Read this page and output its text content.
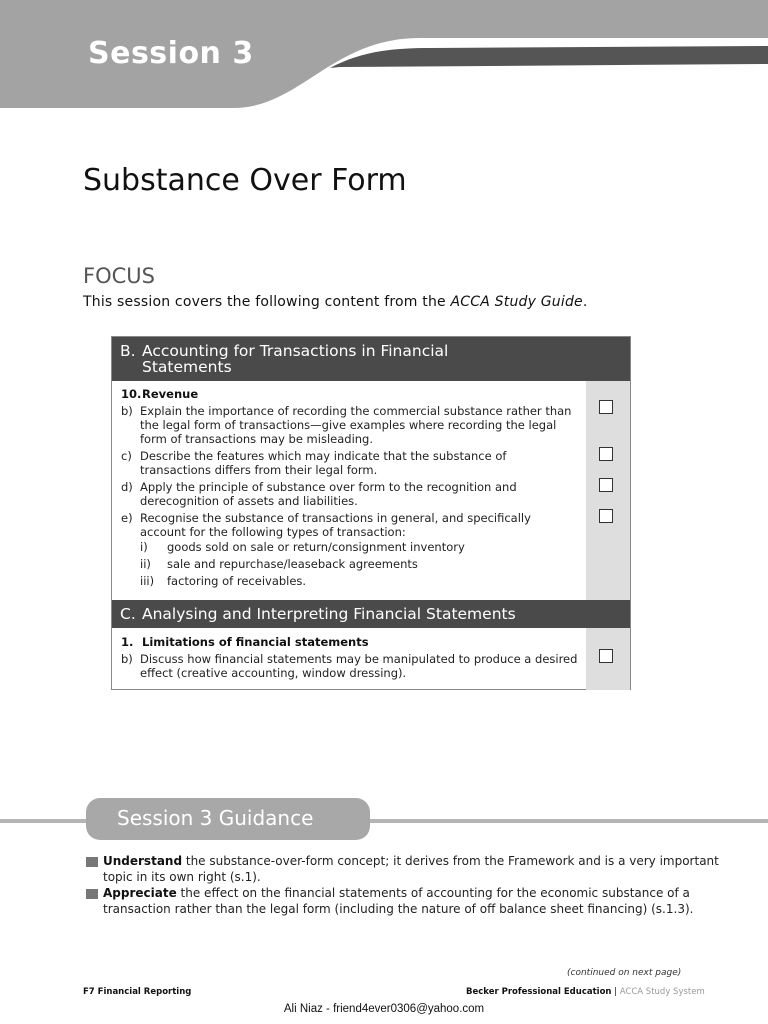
Session 3
Substance Over Form
FOCUS
This session covers the following content from the ACCA Study Guide.
B. Accounting for Transactions in Financial
Statements
10.Revenue
b) Explain the importance of recording the commercial substance rather than
the legal form of transactions—give examples where recording the legal
form of transactions may be misleading.
c) Describe the features which may indicate that the substance of
transactions differs from their legal form.
d) Apply the principle of substance over form to the recognition and
derecognition of assets and liabilities.
e) Recognise the substance of transactions in general, and specifically
account for the following types of transaction:
i) goods sold on sale or return/consignment inventory
ii) sale and repurchase/leaseback agreements
iii) factoring of receivables.
C. Analysing and Interpreting Financial Statements
1. Limitations of financial statements
b) Discuss how financial statements may be manipulated to produce a desired
effect (creative accounting, window dressing).
Session 3 Guidance
Understand the substance-over-form concept; it derives from the Framework and is a very important
topic in its own right (s.1).
Appreciate the effect on the financial statements of accounting for the economic substance of a
transaction rather than the legal form (including the nature of off balance sheet financing) (s.1.3).
(continued on next page)
F7 Financial Reporting	Becker Professional Education | ACCA Study System
Ali Niaz - friend4ever0306@yahoo.com
